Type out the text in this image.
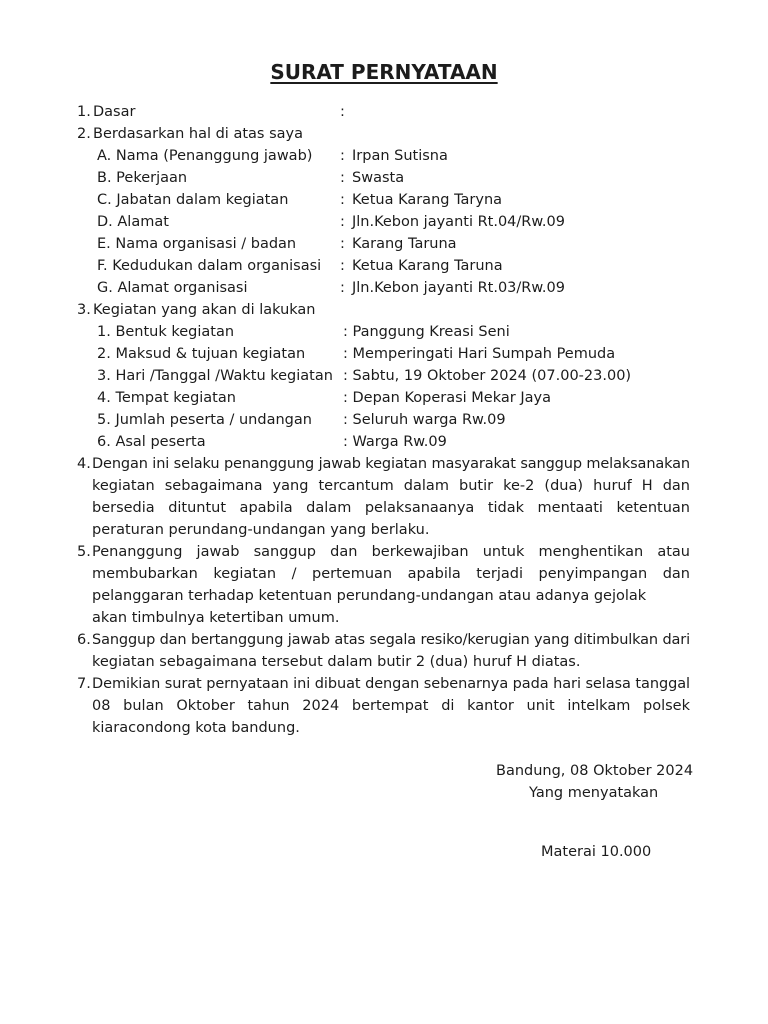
SURAT PERNYATAAN
1. Dasar	:
2. Berdasarkan hal di atas saya
A. Nama (Penanggung jawab) : Irpan Sutisna
B. Pekerjaan	: Swasta
C. Jabatan dalam kegiatan	: Ketua Karang Taryna
D. Alamat	: Jln.Kebon jayanti Rt.04/Rw.09
E. Nama organisasi / badan	: Karang Taruna
F. Kedudukan dalam organisasi : Ketua Karang Taruna
G. Alamat organisasi	: Jln.Kebon jayanti Rt.03/Rw.09
3. Kegiatan yang akan di lakukan
1. Bentuk kegiatan	: Panggung Kreasi Seni
2. Maksud & tujuan kegiatan	: Memperingati Hari Sumpah Pemuda
3. Hari /Tanggal /Waktu kegiatan : Sabtu, 19 Oktober 2024 (07.00-23.00)
4. Tempat kegiatan	: Depan Koperasi Mekar Jaya
5. Jumlah peserta / undangan : Seluruh warga Rw.09
6. Asal peserta	: Warga Rw.09
4. Dengan ini selaku penanggung jawab kegiatan masyarakat sanggup melaksanakan
kegiatan sebagaimana yang tercantum dalam butir ke-2 (dua) huruf H dan
bersedia dituntut apabila dalam pelaksanaanya tidak mentaati ketentuan
peraturan perundang-undangan yang berlaku.
5. Penanggung jawab sanggup dan berkewajiban untuk menghentikan atau
membubarkan kegiatan / pertemuan apabila terjadi penyimpangan dan
pelanggaran terhadap ketentuan perundang-undangan atau adanya gejolak
akan timbulnya ketertiban umum.
6. Sanggup dan bertanggung jawab atas segala resiko/kerugian yang ditimbulkan dari
kegiatan sebagaimana tersebut dalam butir 2 (dua) huruf H diatas.
7. Demikian surat pernyataan ini dibuat dengan sebenarnya pada hari selasa tanggal
08 bulan Oktober tahun 2024 bertempat di kantor unit intelkam polsek
kiaracondong kota bandung.
Bandung, 08 Oktober 2024
Yang menyatakan
Materai 10.000
